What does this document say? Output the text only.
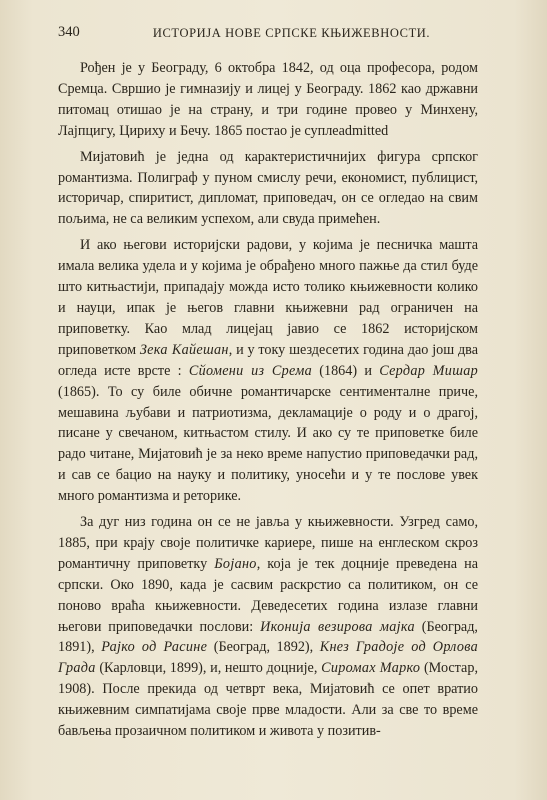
340	ИСТОРИЈА НОВЕ СРПСКЕ КЊИЖЕВНОСТИ.

Рођен је у Београду, 6 октобра 1842, од оца професора, родом Сремца. Свршио је гимназију и лицеј у Београду. 1862 као државни питомац отишао је на страну, и три године провео у Минхену, Лајпцигу, Цириху и Бечу. 1865 постао је суплеadmitted

Мијатовић је једна од карактеристичнијих фигура српског романтизма. Полиграф у пуном смислу речи, економист, публицист, историчар, спиритист, дипломат, приповедач, он се огледао на свим пољима, не са великим успехом, али свуда примећен.

И ако његови историјски радови, у којима је песничка машта имала велика удела и у којима је обрађено много пажње да стил буде што китњастији, припадају можда исто толико књижевности колико и науци, ипак је његов главни књижевни рад ограничен на приповетку. Као млад лицејац јавио се 1862 историјском приповетком Зека Кайешан, и у току шездесетих година дао још два огледа исте врсте : Сйомени из Срема (1864) и Сердар Мишар (1865). То су биле обичне романтичарске сентименталне приче, мешавина љубави и патриотизма, декламације о роду и о драгој, писане у свечаном, китњастом стилу. И ако су те приповетке биле радо читане, Мијатовић је за неко време напустио приповедачки рад, и сав се бацио на науку и политику, уносећи и у те послове увек много романтизма и реторике.

За дуг низ година он се не јавља у књижевности. Узгред само, 1885, при крају своје политичке кариере, пише на енглеском скроз романтичну приповетку Бојано, која је тек доцније преведена на српски. Око 1890, када је сасвим раскрстио са политиком, он се поново враћа књижевности. Деведесетих година излазе главни његови приповедачки послови: Икониjа везирова мајка (Београд, 1891), Рајко од Расине (Београд, 1892), Кнез Градоје од Орлова Града (Карловци, 1899), и, нешто доцније, Сиромах Марко (Мостар, 1908). После прекида од четврт века, Мијатовић се опет вратио књижевним симпатијама своје прве младости. Али за све то време бављења прозаичном политиком и живота у позитив-
